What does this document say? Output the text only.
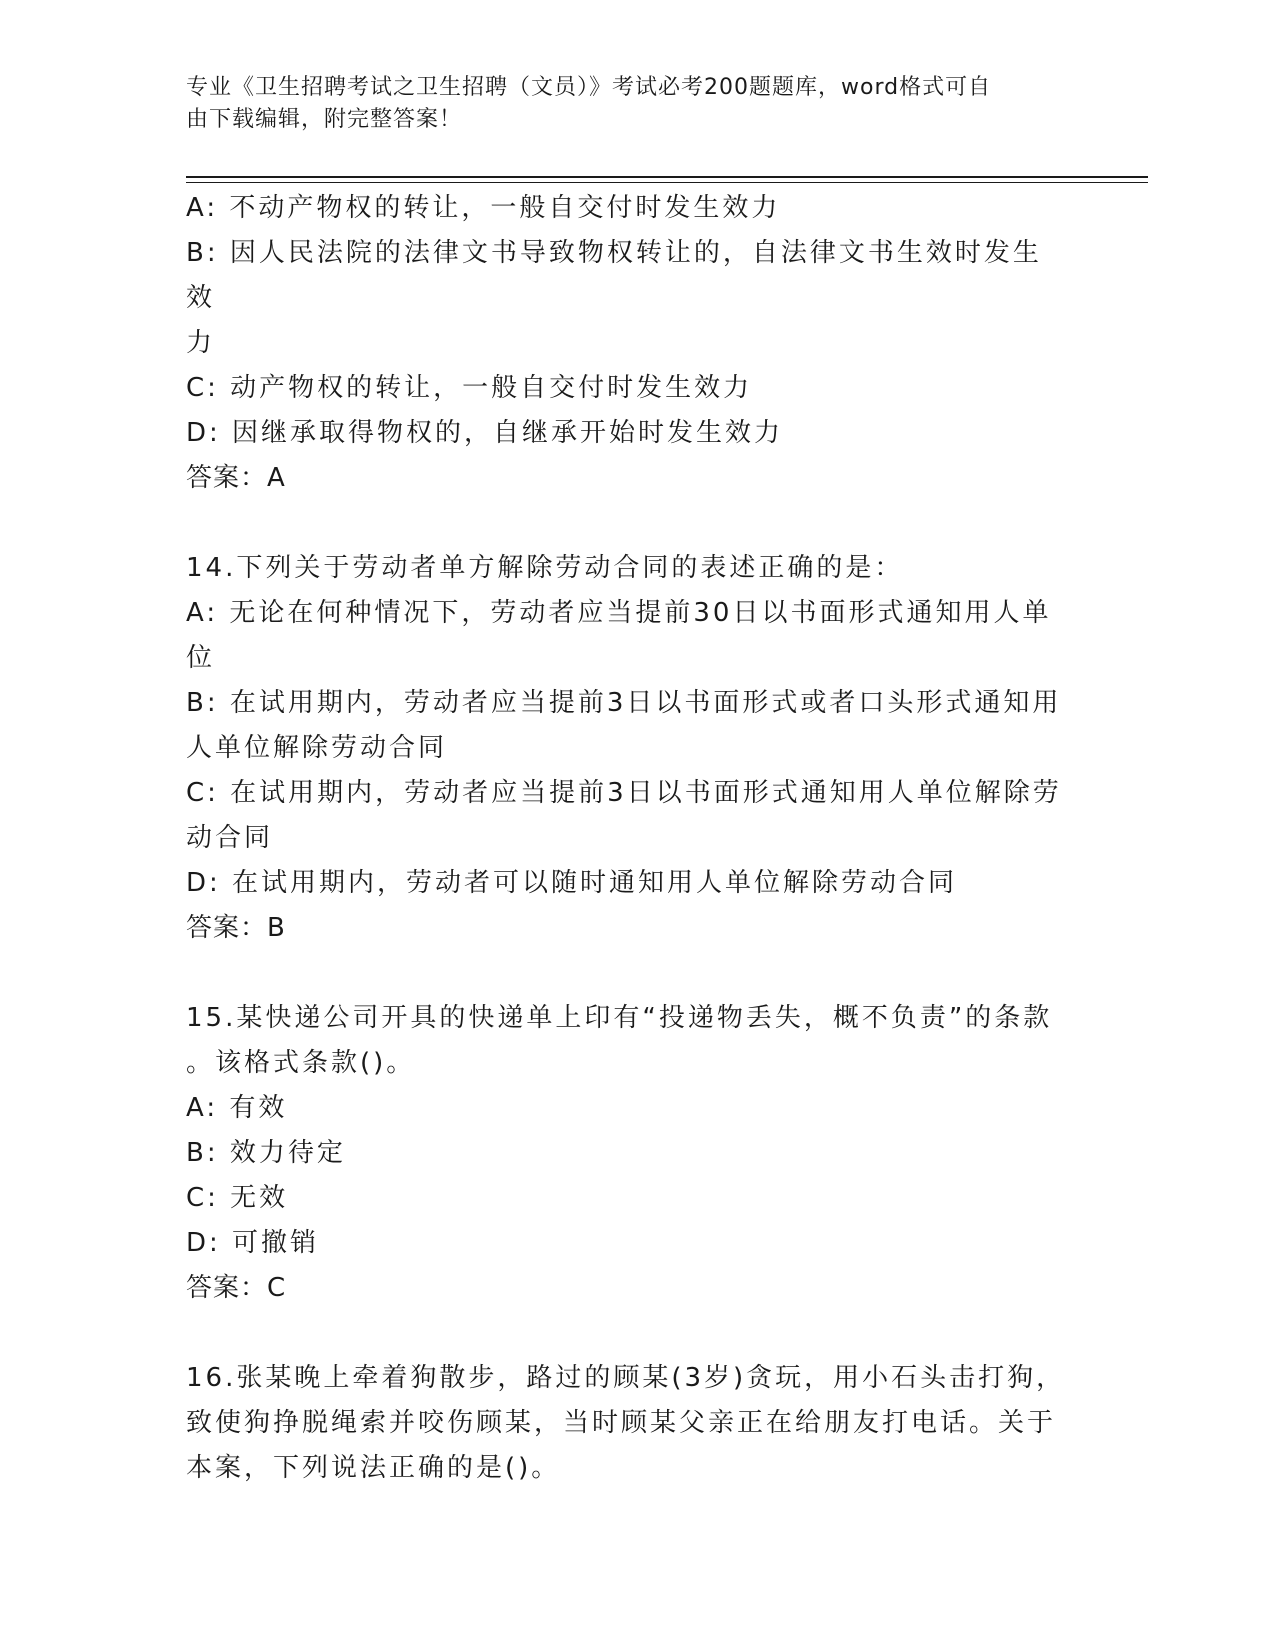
专业《卫生招聘考试之卫生招聘（文员）》考试必考200题题库，word格式可自
由下载编辑，附完整答案！
A: 不动产物权的转让，一般自交付时发生效力
B: 因人民法院的法律文书导致物权转让的，自法律文书生效时发生效
力
C: 动产物权的转让，一般自交付时发生效力
D: 因继承取得物权的，自继承开始时发生效力
答案：A
14.下列关于劳动者单方解除劳动合同的表述正确的是：
A: 无论在何种情况下，劳动者应当提前30日以书面形式通知用人单
位
B: 在试用期内，劳动者应当提前3日以书面形式或者口头形式通知用
人单位解除劳动合同
C: 在试用期内，劳动者应当提前3日以书面形式通知用人单位解除劳
动合同
D: 在试用期内，劳动者可以随时通知用人单位解除劳动合同
答案：B
15.某快递公司开具的快递单上印有“投递物丢失，概不负责”的条款
。该格式条款()。
A: 有效
B: 效力待定
C: 无效
D: 可撤销
答案：C
16.张某晚上牵着狗散步，路过的顾某(3岁)贪玩，用小石头击打狗，
致使狗挣脱绳索并咬伤顾某，当时顾某父亲正在给朋友打电话。关于
本案，下列说法正确的是()。
